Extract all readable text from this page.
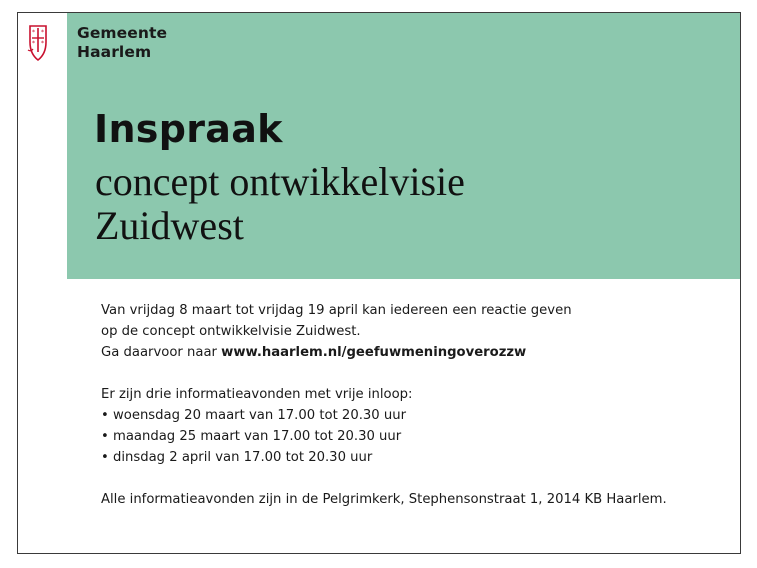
* *
* *
Gemeente
Haarlem
Inspraak
concept ontwikkelvisie
Zuidwest

Van vrijdag 8 maart tot vrijdag 19 april kan iedereen een reactie geven

op de concept ontwikkelvisie Zuidwest.

Ga daarvoor naar www.haarlem.nl/geefuwmeningoverozzw

Er zijn drie informatieavonden met vrije inloop:

• woensdag 20 maart van 17.00 tot 20.30 uur

• maandag 25 maart van 17.00 tot 20.30 uur

• dinsdag 2 april van 17.00 tot 20.30 uur

Alle informatieavonden zijn in de Pelgrimkerk, Stephensonstraat 1, 2014 KB Haarlem.
